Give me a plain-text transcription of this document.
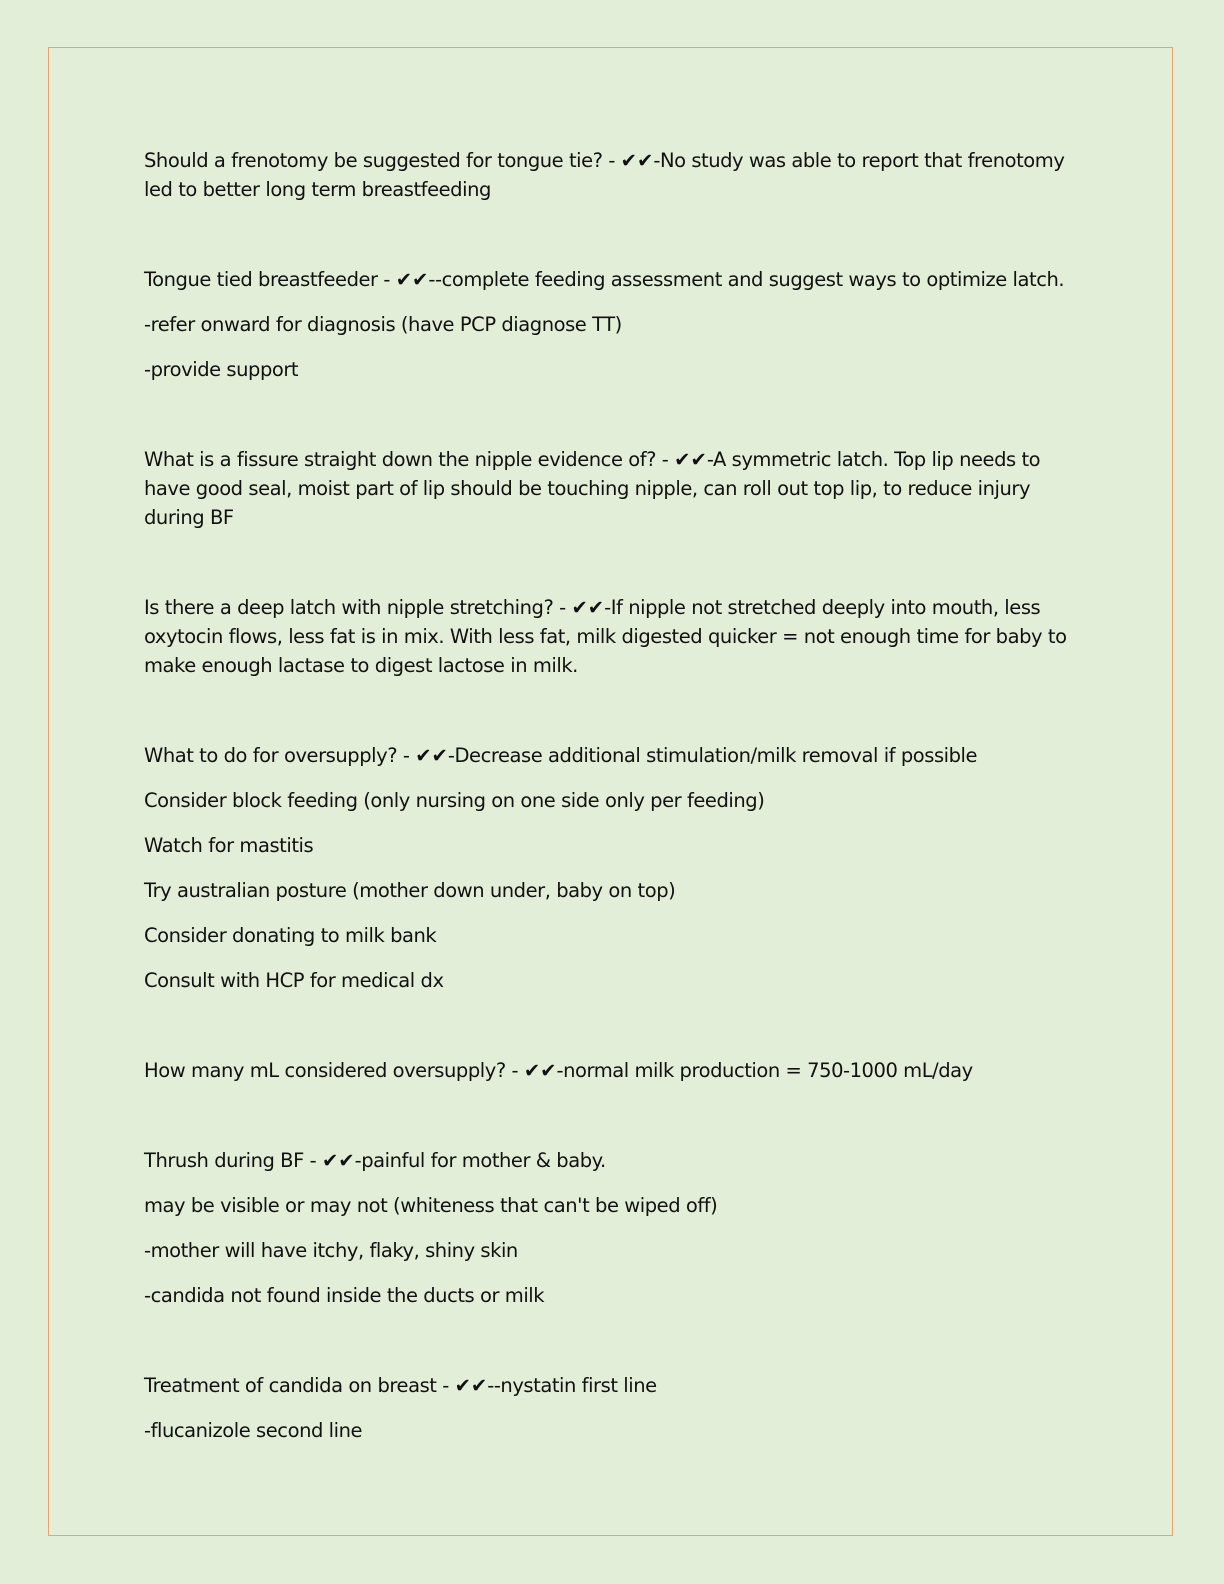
Should a frenotomy be suggested for tongue tie? - ✔✔-No study was able to report that frenotomy led to better long term breastfeeding

Tongue tied breastfeeder - ✔✔--complete feeding assessment and suggest ways to optimize latch.

-refer onward for diagnosis (have PCP diagnose TT)

-provide support

What is a fissure straight down the nipple evidence of? - ✔✔-A symmetric latch. Top lip needs to have good seal, moist part of lip should be touching nipple, can roll out top lip, to reduce injury during BF

Is there a deep latch with nipple stretching? - ✔✔-If nipple not stretched deeply into mouth, less oxytocin flows, less fat is in mix. With less fat, milk digested quicker = not enough time for baby to make enough lactase to digest lactose in milk.

What to do for oversupply? - ✔✔-Decrease additional stimulation/milk removal if possible

Consider block feeding (only nursing on one side only per feeding)

Watch for mastitis

Try australian posture (mother down under, baby on top)

Consider donating to milk bank

Consult with HCP for medical dx

How many mL considered oversupply? - ✔✔-normal milk production = 750-1000 mL/day

Thrush during BF - ✔✔-painful for mother & baby.

may be visible or may not (whiteness that can't be wiped off)

-mother will have itchy, flaky, shiny skin

-candida not found inside the ducts or milk

Treatment of candida on breast - ✔✔--nystatin first line

-flucanizole second line
